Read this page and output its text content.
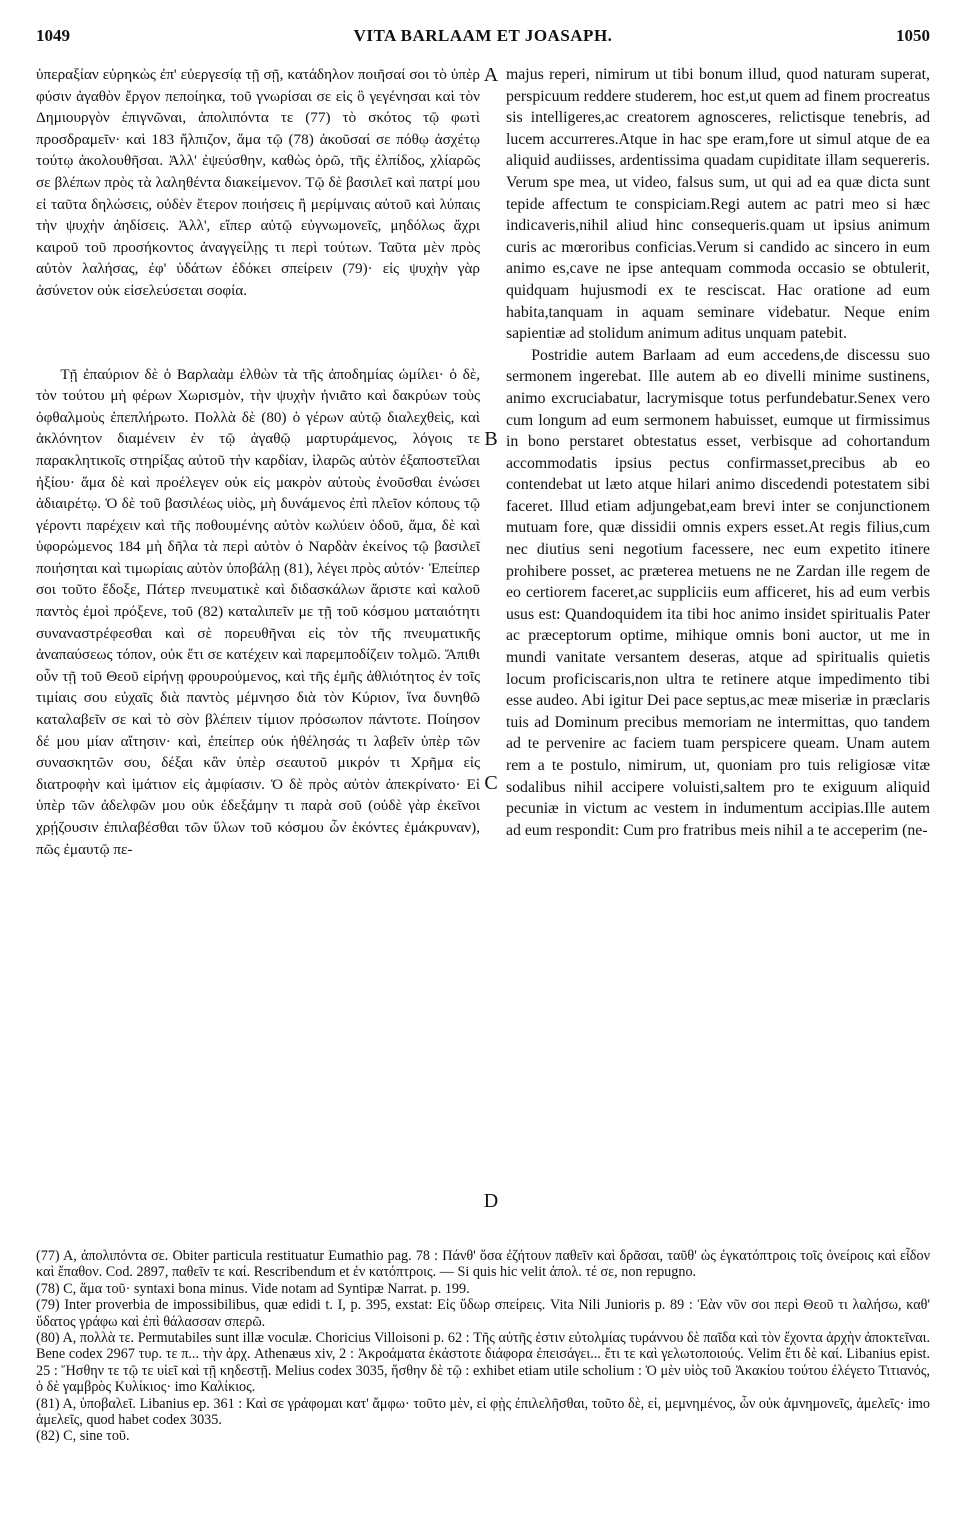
1049	VITA BARLAAM ET JOASAPH.	1050

ὑπεραξίαν εὑρηκὼς ἐπ' εὐεργεσίᾳ τῇ σῇ, κατάδηλον ποιῆσαί σοι τὸ ὑπὲρ φύσιν ἀγαθὸν ἔργον πεποίηκα, τοῦ γνωρίσαι σε εἰς ὃ γεγένησαι καὶ τὸν Δημιουργὸν ἐπιγνῶναι, ἀπολιπόντα τε (77) τὸ σκότος τῷ φωτὶ προσδραμεῖν· καὶ 183 ἤλπιζον, ἅμα τῷ (78) ἀκοῦσαί σε πόθῳ ἀσχέτῳ τούτῳ ἀκολουθῆσαι. Ἀλλ' ἐψεύσθην, καθὼς ὁρῶ, τῆς ἐλπίδος, χλίαρῶς σε βλέπων πρὸς τὰ λαληθέντα διακείμενον. Τῷ δὲ βασιλεῖ καὶ πατρί μου εἰ ταῦτα δηλώσεις, οὐδὲν ἕτερον ποιήσεις ἢ μερίμναις αὐτοῦ καὶ λύπαις τὴν ψυχὴν ἀηδίσεις. Ἀλλ', εἴπερ αὐτῷ εὐγνωμονεῖς, μηδόλως ἄχρι καιροῦ τοῦ προσήκοντος ἀναγγείλῃς τι περὶ τούτων. Ταῦτα μὲν πρὸς αὐτὸν λαλήσας, ἐφ' ὑδάτων ἐδόκει σπείρειν (79)· εἰς ψυχὴν γὰρ ἀσύνετον οὐκ εἰσελεύσεται σοφία.

Τῇ ἐπαύριον δὲ ὁ Βαρλαὰμ ἐλθὼν τὰ τῆς ἀποδημίας ὡμίλει· ὁ δὲ, τὸν τούτου μὴ φέρων Χωρισμὸν, τὴν ψυχὴν ἠνιᾶτο καὶ δακρύων τοὺς ὀφθαλμοὺς ἐπεπλήρωτο. Πολλὰ δὲ (80) ὁ γέρων αὐτῷ διαλεχθεὶς, καὶ ἀκλόνητον διαμένειν ἐν τῷ ἀγαθῷ μαρτυράμενος, λόγοις τε παρακλητικοῖς στηρίξας αὐτοῦ τὴν καρδίαν, ἱλαρῶς αὐτὸν ἐξαποστεῖλαι ἠξίου· ἅμα δὲ καὶ προέλεγεν οὐκ εἰς μακρὸν αὐτοὺς ἑνοῦσθαι ἑνώσει ἀδιαιρέτῳ. Ὁ δὲ τοῦ βασιλέως υἱὸς, μὴ δυνάμενος ἐπὶ πλεῖον κόπους τῷ γέροντι παρέχειν καὶ τῆς ποθουμένης αὐτὸν κωλύειν ὁδοῦ, ἅμα, δὲ καὶ ὑφορώμενος 184 μὴ δῆλα τὰ περὶ αὐτὸν ὁ Ναρδὰν ἐκείνος τῷ βασιλεῖ ποιήσηται καὶ τιμωρίαις αὐτὸν ὑποβάλῃ (81), λέγει πρὸς αὐτόν· Ἐπείπερ σοι τοῦτο ἔδοξε, Πάτερ πνευματικὲ καὶ διδασκάλων ἄριστε καὶ καλοῦ παντὸς ἐμοὶ πρόξενε, τοῦ (82) καταλιπεῖν με τῇ τοῦ κόσμου ματαιότητι συναναστρέφεσθαι καὶ σὲ πορευθῆναι εἰς τὸν τῆς πνευματικῆς ἀναπαύσεως τόπον, οὐκ ἔτι σε κατέχειν καὶ παρεμποδίζειν τολμῶ. Ἄπιθι οὖν τῇ τοῦ Θεοῦ εἰρήνῃ φρουρούμενος, καὶ τῆς ἐμῆς ἀθλιότητος ἐν τοῖς τιμίαις σου εὐχαῖς διὰ παντὸς μέμνησο διὰ τὸν Κύριον, ἵνα δυνηθῶ καταλαβεῖν σε καὶ τὸ σὸν βλέπειν τίμιον πρόσωπον πάντοτε. Ποίησον δέ μου μίαν αἴτησιν· καὶ, ἐπείπερ οὐκ ἠθέλησάς τι λαβεῖν ὑπὲρ τῶν συνασκητῶν σου, δέξαι κἂν ὑπὲρ σεαυτοῦ μικρόν τι Χρῆμα εἰς διατροφὴν καὶ ἱμάτιον εἰς ἀμφίασιν. Ὁ δὲ πρὸς αὐτὸν ἀπεκρίνατο· Εἰ ὑπὲρ τῶν ἀδελφῶν μου οὐκ ἐδεξάμην τι παρὰ σοῦ (οὐδὲ γὰρ ἐκεῖνοι χρῄζουσιν ἐπιλαβέσθαι τῶν ὕλων τοῦ κόσμου ὧν ἑκόντες ἐμάκρυναν), πῶς ἐμαυτῷ πε-

A
B
C
D

majus reperi, nimirum ut tibi bonum illud, quod naturam superat, perspicuum reddere studerem, hoc est,ut quem ad finem procreatus sis intelligeres,ac creatorem agnosceres, relictisque tenebris, ad lucem accurreres.Atque in hac spe eram,fore ut simul atque de ea aliquid audiisses, ardentissima quadam cupiditate illam sequereris. Verum spe mea, ut video, falsus sum, ut qui ad ea quæ dicta sunt tepide affectum te conspiciam.Regi autem ac patri meo si hæc indicaveris,nihil aliud hinc consequeris.quam ut ipsius animum curis ac mœroribus conficias.Verum si candido ac sincero in eum animo es,cave ne ipse antequam commoda occasio se obtulerit, quidquam hujusmodi ex te resciscat. Hac oratione ad eum habita,tanquam in aquam seminare videbatur. Neque enim sapientiæ ad stolidum animum aditus unquam patebit.

Postridie autem Barlaam ad eum accedens,de discessu suo sermonem ingerebat. Ille autem ab eo divelli minime sustinens, animo excruciabatur, lacrymisque totus perfundebatur.Senex vero cum longum ad eum sermonem habuisset, eumque ut firmissimus in bono perstaret obtestatus esset, verbisque ad cohortandum accommodatis ipsius pectus confirmasset,precibus ab eo contendebat ut læto atque hilari animo discedendi potestatem sibi faceret. Illud etiam adjungebat,eam brevi inter se conjunctionem mutuam fore, quæ dissidii omnis expers esset.At regis filius,cum nec diutius seni negotium facessere, nec eum expetito itinere prohibere posset, ac præterea metuens ne ne Zardan ille regem de eo certiorem faceret,ac suppliciis eum afficeret, his ad eum verbis usus est: Quandoquidem ita tibi hoc animo insidet spiritualis Pater ac præceptorum optime, mihique omnis boni auctor, ut me in mundi vanitate versantem deseras, atque ad spiritualis quietis locum proficiscaris,non ultra te retinere atque impedimento tibi esse audeo. Abi igitur Dei pace septus,ac meæ miseriæ in præclaris tuis ad Dominum precibus memoriam ne intermittas, quo tandem ad te pervenire ac faciem tuam perspicere queam. Unam autem rem a te postulo, nimirum, ut, quoniam pro tuis religiosæ vitæ sodalibus nihil accipere voluisti,saltem pro te exiguum aliquid pecuniæ in victum ac vestem in indumentum accipias.Ille autem ad eum respondit: Cum pro fratribus meis nihil a te acceperim (ne-

(77) A, ἀπολιπόντα σε. Obiter particula restituatur Eumathio pag. 78 : Πάνθ' ὅσα ἐζήτουν παθεῖν καὶ δρᾶσαι, ταῦθ' ὡς ἐγκατόπτροις τοῖς ὀνείροις καὶ εἶδον καὶ ἔπαθον. Cod. 2897, παθεῖν τε καί. Rescribendum et ἐν κατόπτροις. — Si quis hic velit ἀπολ. τέ σε, non repugno.

(78) C, ἅμα τοῦ· syntaxi bona minus. Vide notam ad Syntipæ Narrat. p. 199.

(79) Inter proverbia de impossibilibus, quæ edidi t. I, p. 395, exstat: Εἰς ὕδωρ σπείρεις. Vita Nili Junioris p. 89 : Ἐὰν νῦν σοι περὶ Θεοῦ τι λαλήσω, καθ' ὕδατος γράφω καὶ ἐπὶ θάλασσαν σπερῶ.

(80) A, πολλὰ τε. Permutabiles sunt illæ voculæ. Choricius Villoisoni p. 62 : Τῆς αὐτῆς ἐστιν εὐτολμίας τυράννου δὲ παῖδα καὶ τὸν ἔχοντα ἀρχὴν ἀποκτεῖναι. Bene codex 2967 τυρ. τε π... τὴν ἀρχ. Athenæus xiv, 2 : Ἀκροάματα ἑκάστοτε διάφορα ἐπεισάγει... ἔτι τε καὶ γελωτοποιούς. Velim ἔτι δὲ καί. Libanius epist. 25 : Ἥσθην τε τῷ τε υἱεῖ καὶ τῇ κηδεστῇ. Melius codex 3035, ἥσθην δὲ τῷ : exhibet etiam utile scholium : Ὁ μὲν υἱὸς τοῦ Ἀκακίου τούτου ἐλέγετο Τιτιανός, ὁ δὲ γαμβρὸς Κυλίκιος· imo Καλίκιος.

(81) A, ὑποβαλεῖ. Libanius ep. 361 : Καὶ σε γράφομαι κατ' ἄμφω· τοῦτο μὲν, εἰ φῂς ἐπιλελῆσθαι, τοῦτο δὲ, εἰ, μεμνημένος, ὧν οὐκ ἀμνημονεῖς, ἀμελεῖς· imo ἀμελεῖς, quod habet codex 3035.

(82) C, sine τοῦ.
